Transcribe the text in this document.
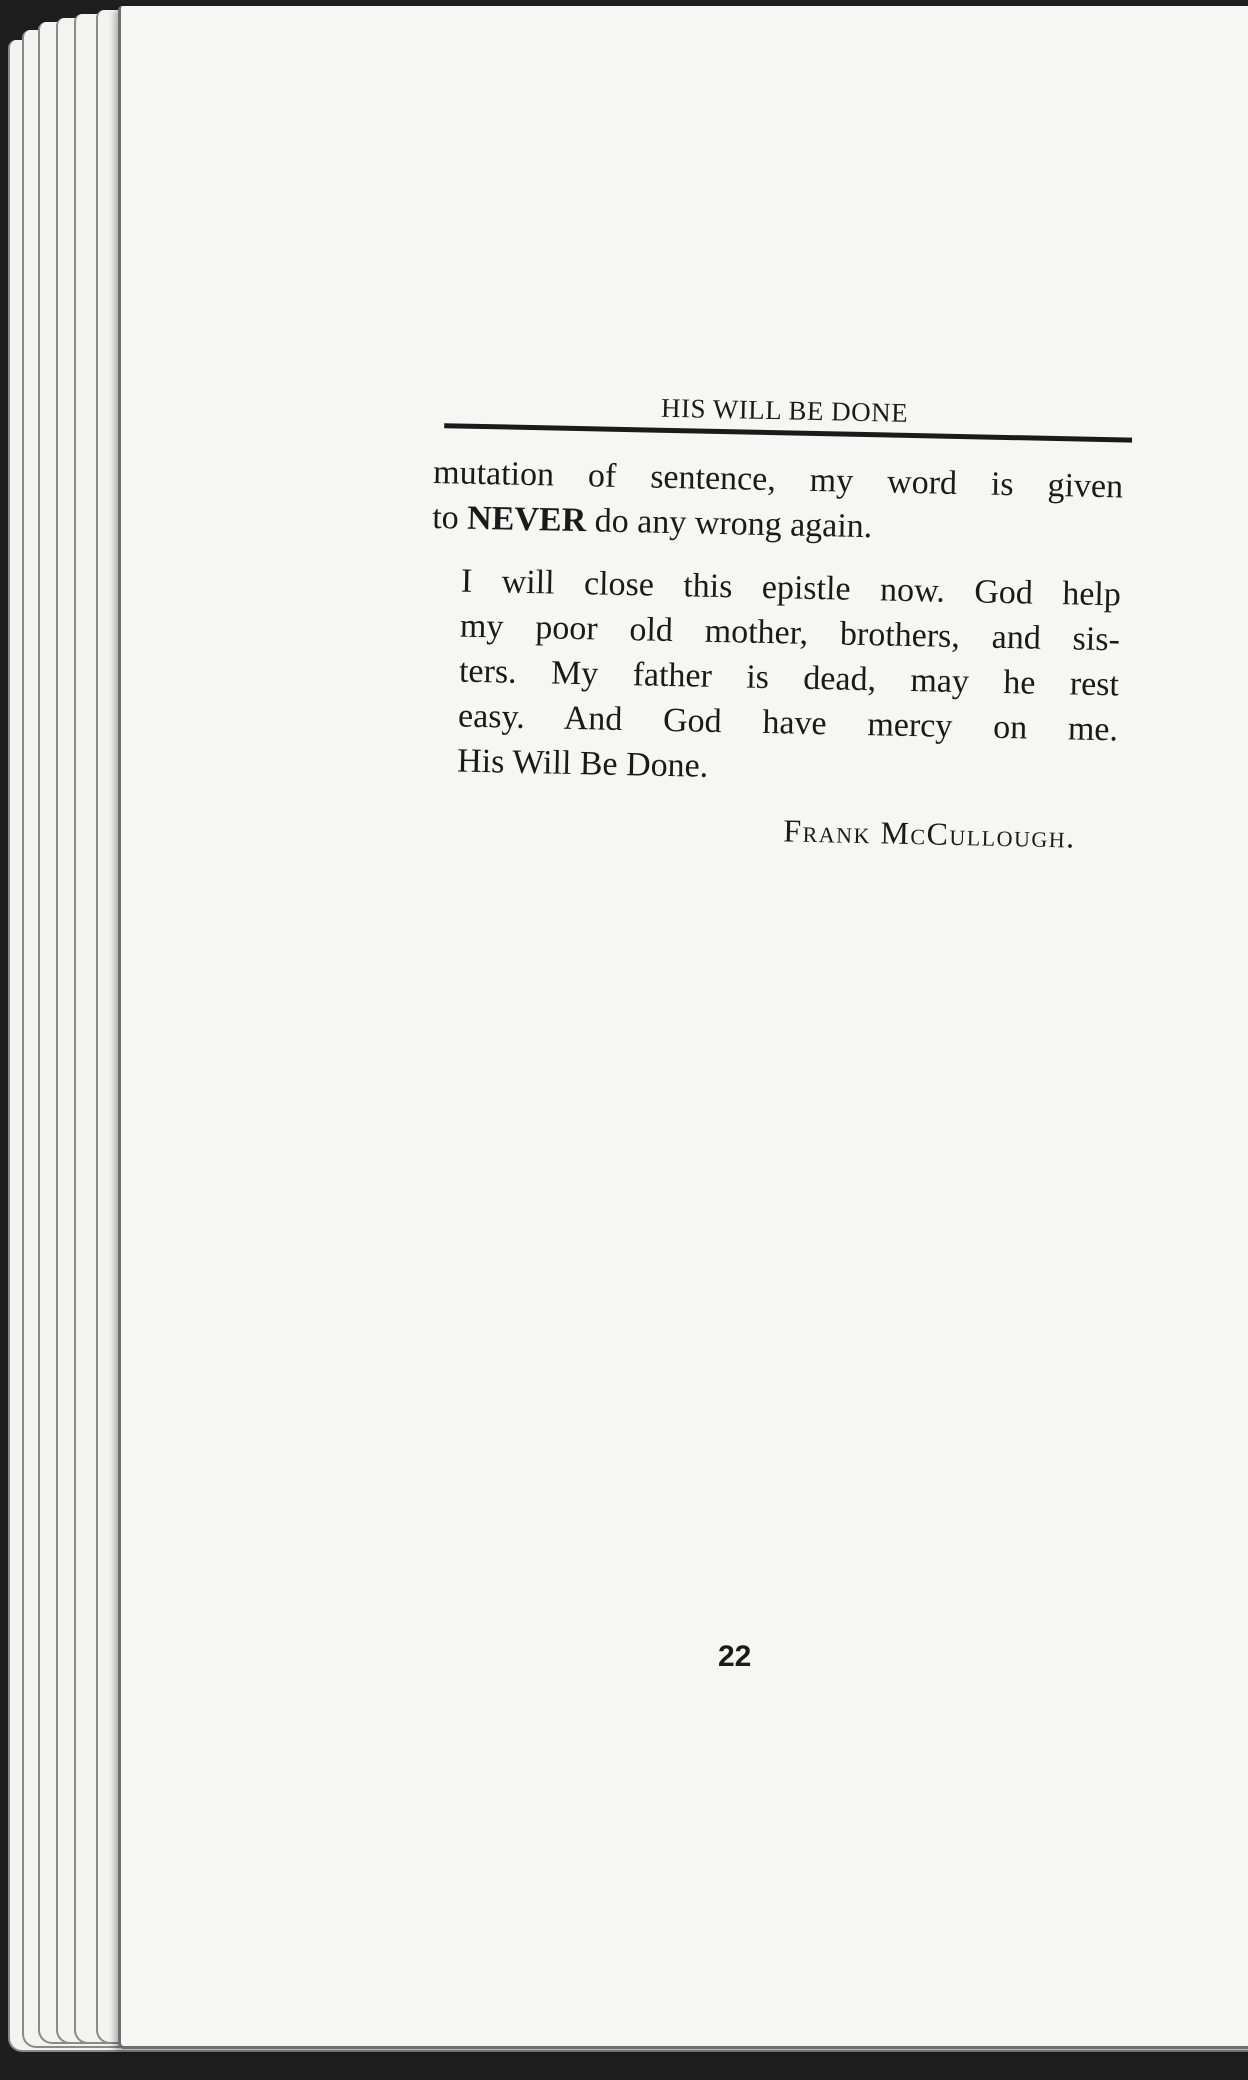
HIS WILL BE DONE

mutation of sentence, my word is given
to NEVER do any wrong again.

I will close this epistle now. God help
my poor old mother, brothers, and sis-
ters. My father is dead, may he rest
easy. And God have mercy on me.
His Will Be Done.

Frank McCullough.
22
